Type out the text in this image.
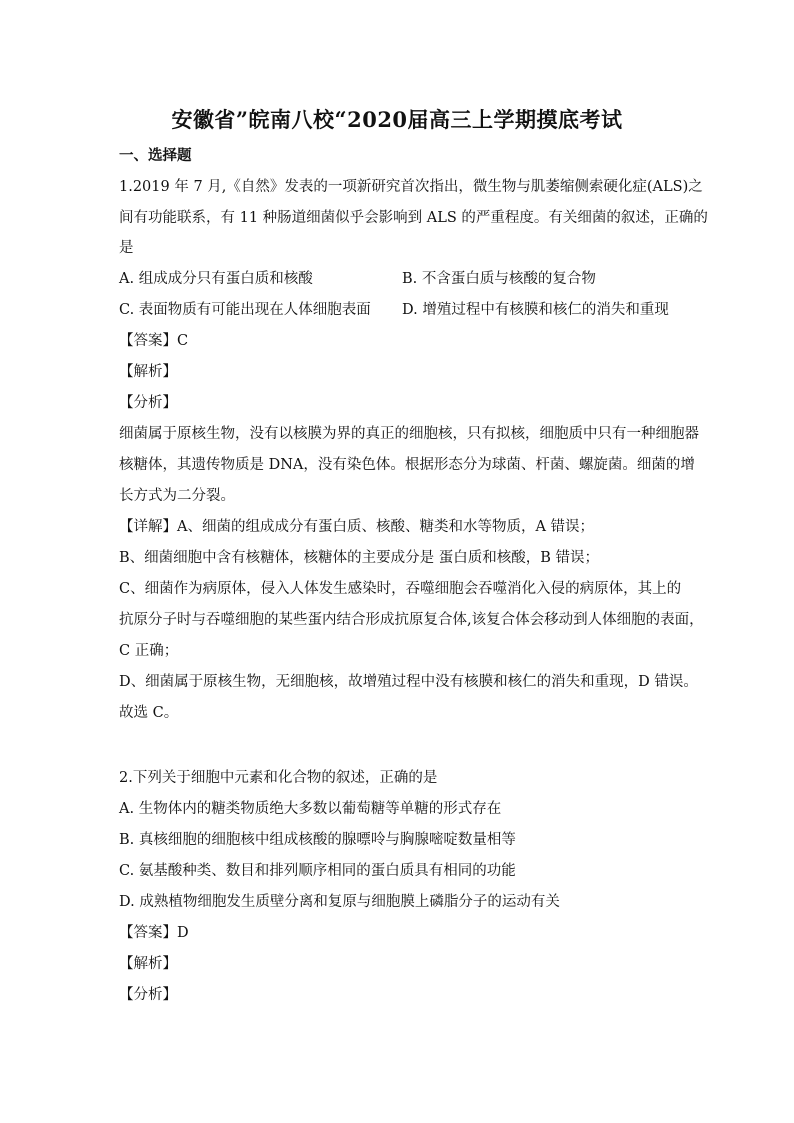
安徽省”皖南八校“2020届高三上学期摸底考试
一、选择题
1.2019 年 7 月,《自然》发表的一项新研究首次指出，微生物与肌萎缩侧索硬化症(ALS)之
间有功能联系，有 11 种肠道细菌似乎会影响到 ALS 的严重程度。有关细菌的叙述，正确的
是
A. 组成成分只有蛋白质和核酸	B. 不含蛋白质与核酸的复合物
C. 表面物质有可能出现在人体细胞表面 D. 增殖过程中有核膜和核仁的消失和重现
【答案】C
【解析】
【分析】
细菌属于原核生物，没有以核膜为界的真正的细胞核，只有拟核，细胞质中只有一种细胞器
核糖体，其遗传物质是 DNA，没有染色体。根据形态分为球菌、杆菌、螺旋菌。细菌的增
长方式为二分裂。
【详解】A、细菌的组成成分有蛋白质、核酸、糖类和水等物质，A 错误；
B、细菌细胞中含有核糖体，核糖体的主要成分是 蛋白质和核酸，B 错误；
C、细菌作为病原体，侵入人体发生感染时，吞噬细胞会吞噬消化入侵的病原体，其上的
抗原分子时与吞噬细胞的某些蛋内结合形成抗原复合体,该复合体会移动到人体细胞的表面，
C 正确；
D、细菌属于原核生物，无细胞核，故增殖过程中没有核膜和核仁的消失和重现，D 错误。
故选 C。
2.下列关于细胞中元素和化合物的叙述，正确的是
A. 生物体内的糖类物质绝大多数以葡萄糖等单糖的形式存在
B. 真核细胞的细胞核中组成核酸的腺嘌呤与胸腺嘧啶数量相等
C. 氨基酸种类、数目和排列顺序相同的蛋白质具有相同的功能
D. 成熟植物细胞发生质壁分离和复原与细胞膜上磷脂分子的运动有关
【答案】D
【解析】
【分析】
